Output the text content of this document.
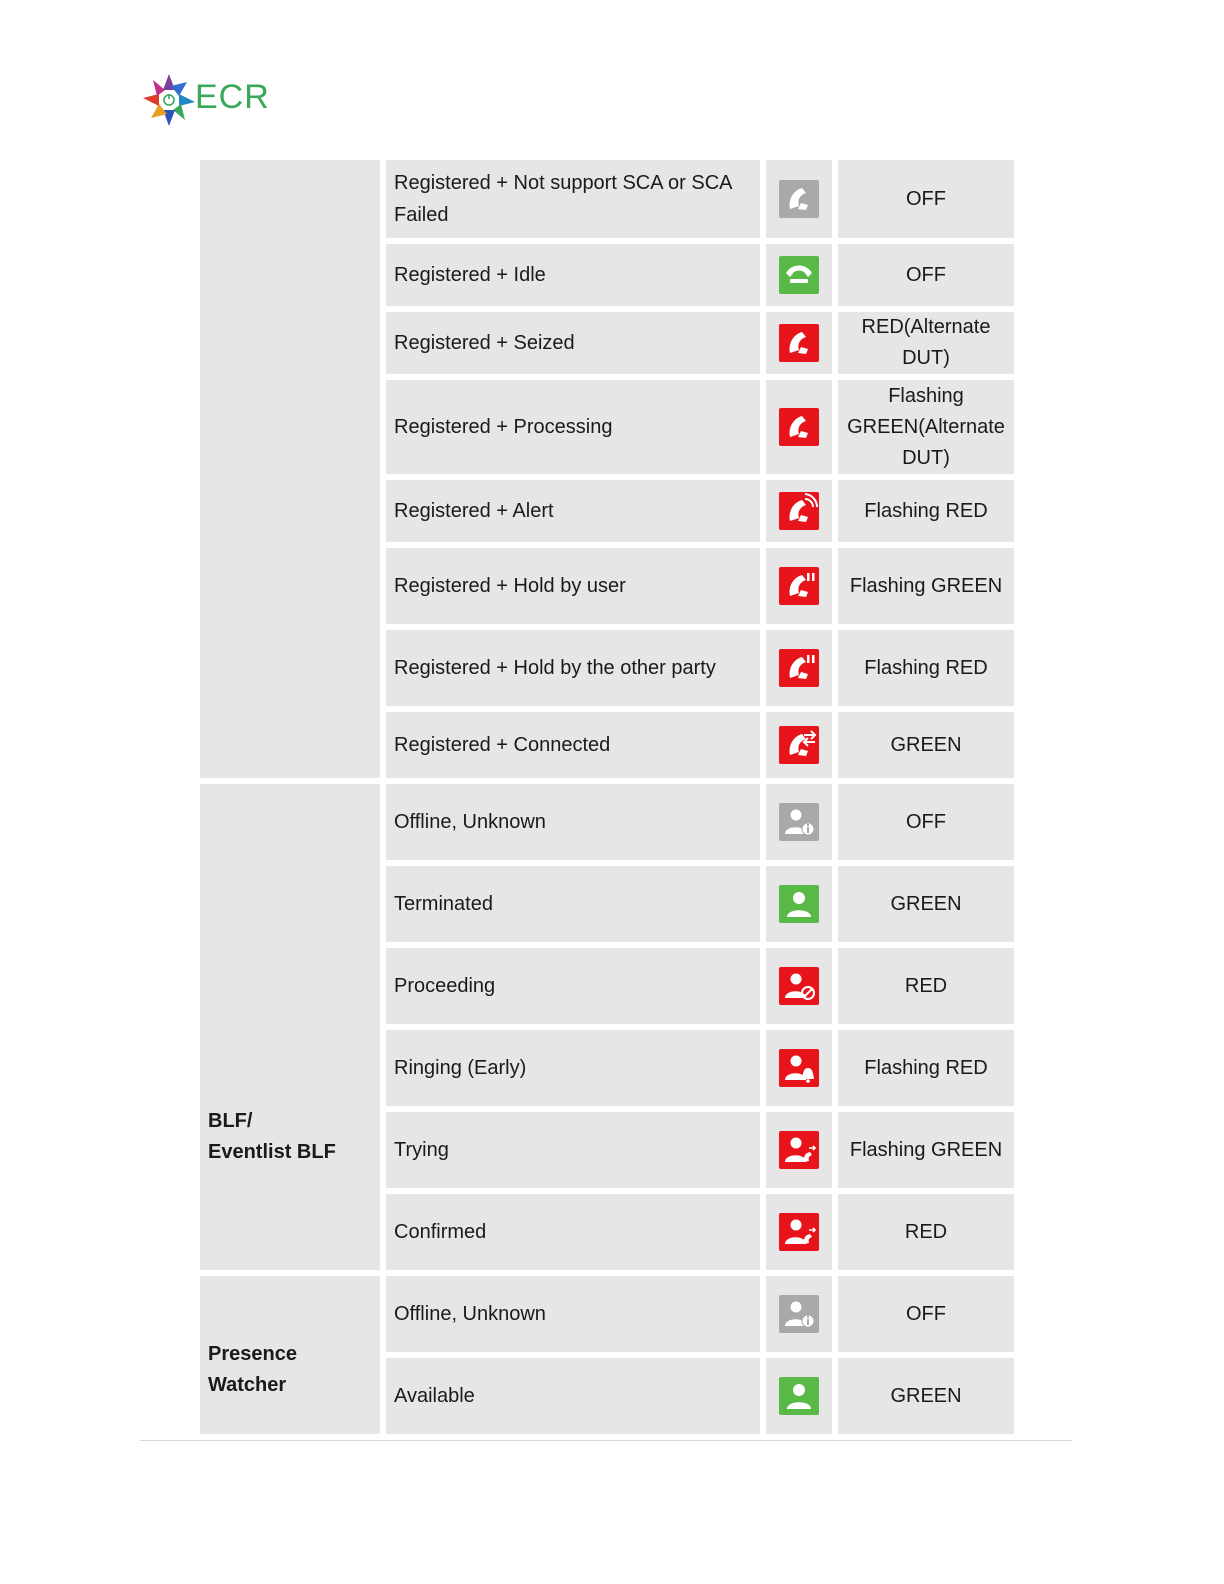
ECR
	Registered + Not support SCA or SCA Failed		OFF
	Registered + Idle		OFF
	Registered + Seized		RED(Alternate DUT)
	Registered + Processing		Flashing GREEN(Alternate DUT)
	Registered + Alert		Flashing RED
	Registered + Hold by user		Flashing GREEN
	Registered + Hold by the other party		Flashing RED
	Registered + Connected		GREEN

BLF/
Eventlist BLF	Offline, Unknown		OFF
	Terminated		GREEN
	Proceeding		RED
	Ringing (Early)		Flashing RED
	Trying		Flashing GREEN
	Confirmed		RED

Presence
Watcher	Offline, Unknown		OFF
	Available		GREEN
